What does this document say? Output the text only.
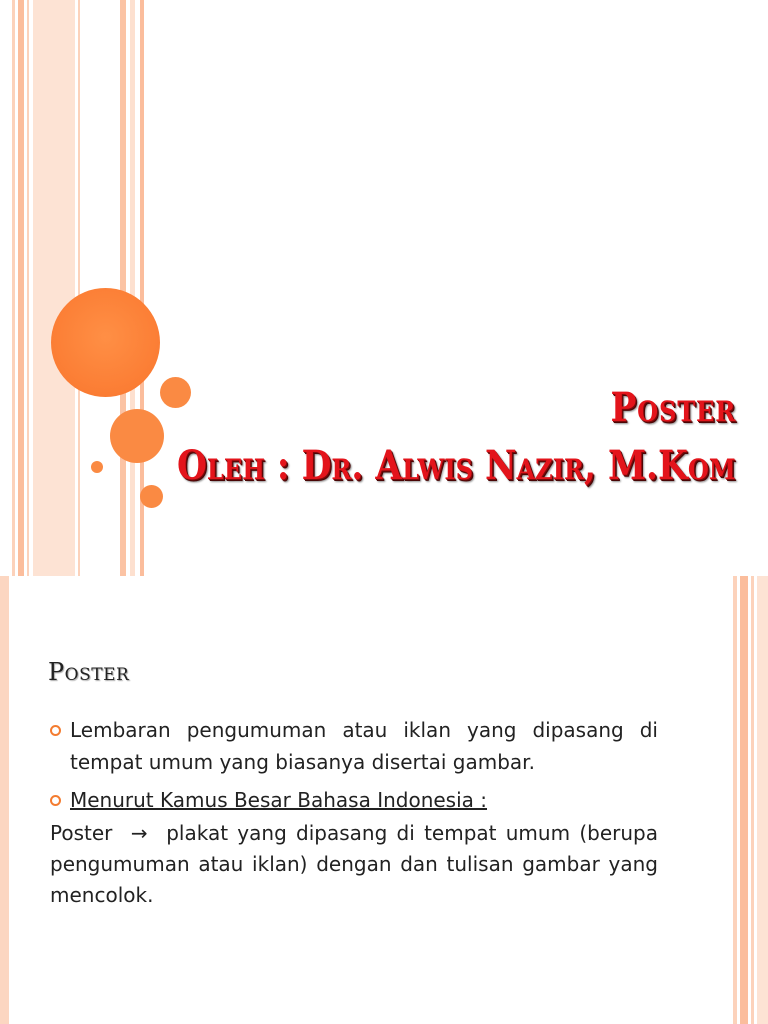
Poster
Oleh : Dr. Alwis Nazir, M.Kom
Poster
Lembaran pengumuman atau iklan yang dipasang di tempat umum yang biasanya disertai gambar.
Menurut Kamus Besar Bahasa Indonesia :
Poster → plakat yang dipasang di tempat umum (berupa pengumuman atau iklan) dengan dan tulisan gambar yang mencolok.
